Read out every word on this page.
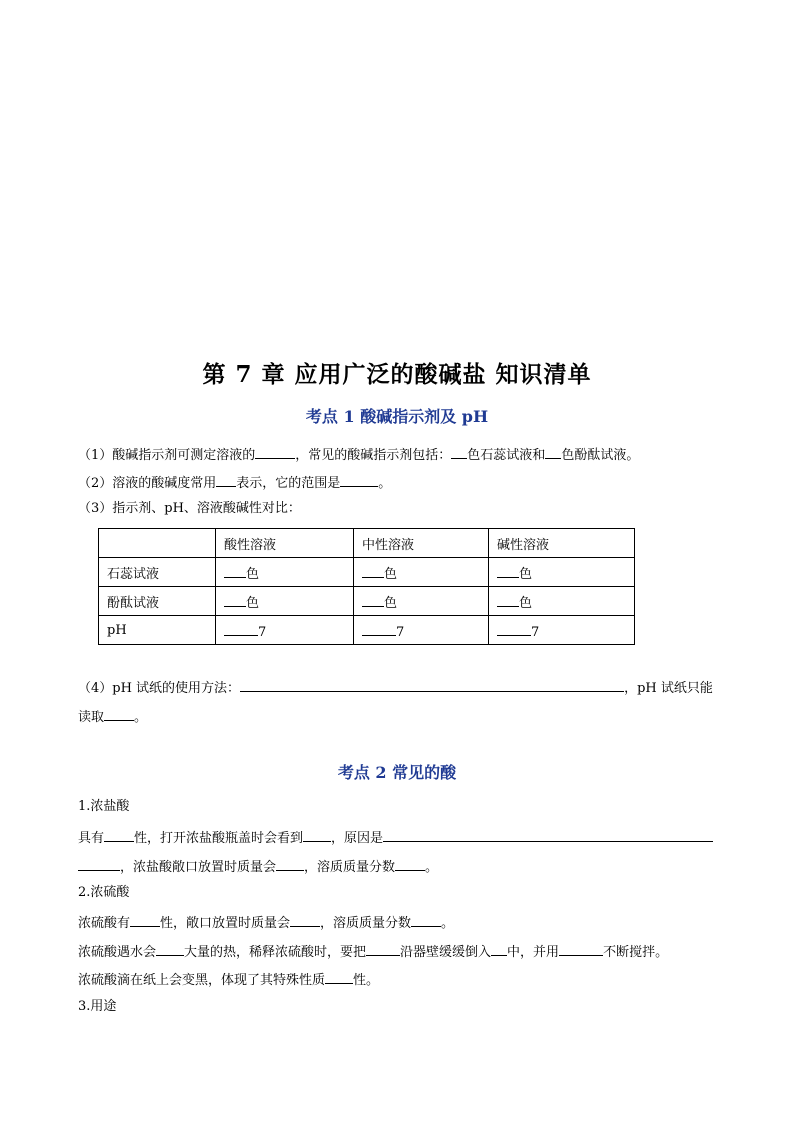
第 7 章 应用广泛的酸碱盐 知识清单
考点 1 酸碱指示剂及 pH
（1）酸碱指示剂可测定溶液的	，常见的酸碱指示剂包括： 色石蕊试液和 色酚酞试液。
（2）溶液的酸碱度常用 表示，它的范围是	。
（3）指示剂、pH、溶液酸碱性对比：
	酸性溶液	中性溶液	碱性溶液
石蕊试液	色	色	色
酚酞试液	色	色	色
pH	7	7	7
（4）pH 试纸的使用方法：	，pH 试纸只能
读取 。
考点 2 常见的酸
1.浓盐酸
具有 性，打开浓盐酸瓶盖时会看到 ，原因是
，浓盐酸敞口放置时质量会 ，溶质质量分数 。
2.浓硫酸
浓硫酸有 性，敞口放置时质量会 ，溶质质量分数 。
浓硫酸遇水会 大量的热，稀释浓硫酸时，要把	沿器壁缓缓倒入 中，并用	不断搅拌。
浓硫酸滴在纸上会变黑，体现了其特殊性质 性。
3.用途
